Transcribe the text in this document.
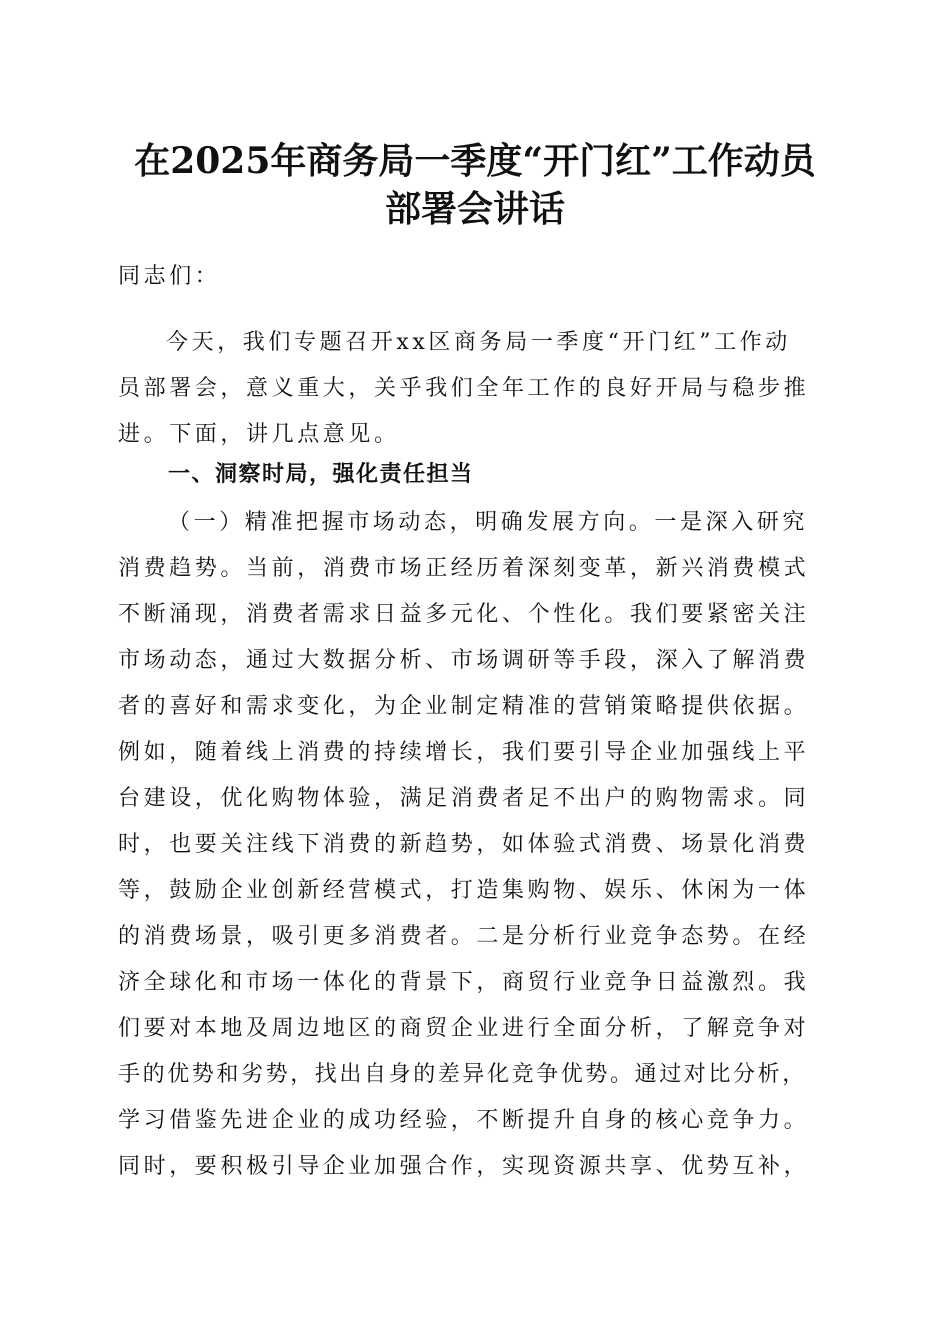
在2025年商务局一季度“开门红”工作动员
部署会讲话
同志们：
今天，我们专题召开xx区商务局一季度“开门红”工作动
员部署会，意义重大，关乎我们全年工作的良好开局与稳步推
进。下面，讲几点意见。
一、洞察时局，强化责任担当
（一）精准把握市场动态，明确发展方向。一是深入研究
消费趋势。当前，消费市场正经历着深刻变革，新兴消费模式
不断涌现，消费者需求日益多元化、个性化。我们要紧密关注
市场动态，通过大数据分析、市场调研等手段，深入了解消费
者的喜好和需求变化，为企业制定精准的营销策略提供依据。
例如，随着线上消费的持续增长，我们要引导企业加强线上平
台建设，优化购物体验，满足消费者足不出户的购物需求。同
时，也要关注线下消费的新趋势，如体验式消费、场景化消费
等，鼓励企业创新经营模式，打造集购物、娱乐、休闲为一体
的消费场景，吸引更多消费者。二是分析行业竞争态势。在经
济全球化和市场一体化的背景下，商贸行业竞争日益激烈。我
们要对本地及周边地区的商贸企业进行全面分析，了解竞争对
手的优势和劣势，找出自身的差异化竞争优势。通过对比分析，
学习借鉴先进企业的成功经验，不断提升自身的核心竞争力。
同时，要积极引导企业加强合作，实现资源共享、优势互补，
